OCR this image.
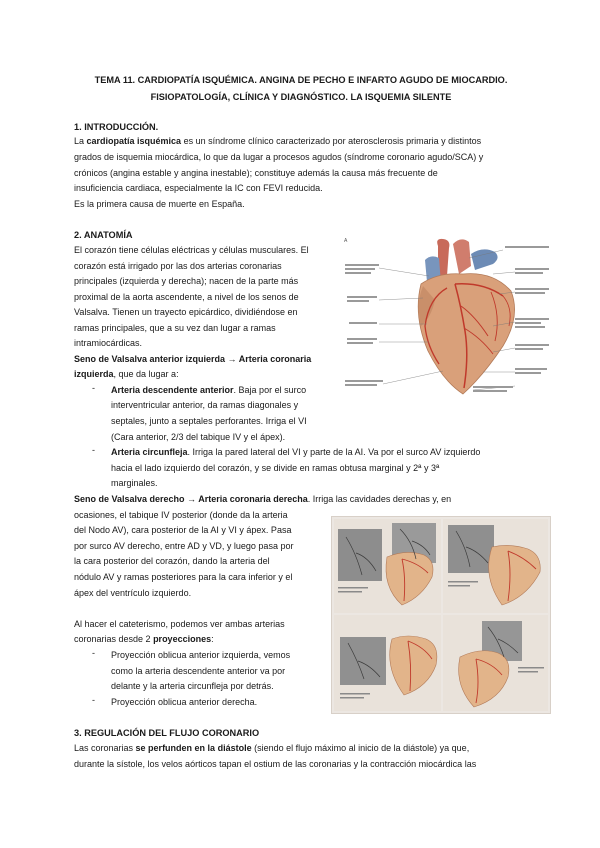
TEMA 11. CARDIOPATÍA ISQUÉMICA. ANGINA DE PECHO E INFARTO AGUDO DE MIOCARDIO.
FISIOPATOLOGÍA, CLÍNICA Y DIAGNÓSTICO. LA ISQUEMIA SILENTE
1. INTRODUCCIÓN.
La cardiopatía isquémica es un síndrome clínico caracterizado por aterosclerosis primaria y distintos
grados de isquemia miocárdica, lo que da lugar a procesos agudos (síndrome coronario agudo/SCA) y
crónicos (angina estable y angina inestable); constituye además la causa más frecuente de
insuficiencia cardiaca, especialmente la IC con FEVI reducida.
Es la primera causa de muerte en España.
2. ANATOMÍA
El corazón tiene células eléctricas y células musculares. El
corazón está irrigado por las dos arterias coronarias
principales (izquierda y derecha); nacen de la parte más
proximal de la aorta ascendente, a nivel de los senos de
Valsalva. Tienen un trayecto epicárdico, dividiéndose en
ramas principales, que a su vez dan lugar a ramas
intramiocárdicas.
Seno de Valsalva anterior izquierda → Arteria coronaria
izquierda, que da lugar a:
- Arteria descendente anterior. Baja por el surco
interventricular anterior, da ramas diagonales y
septales, junto a septales perforantes. Irriga el VI
(Cara anterior, 2/3 del tabique IV y el ápex).
- Arteria circunfleja. Irriga la pared lateral del VI y parte de la AI. Va por el surco AV izquierdo
hacia el lado izquierdo del corazón, y se divide en ramas obtusa marginal y 2ª y 3ª
marginales.
Seno de Valsalva derecho → Arteria coronaria derecha. Irriga las cavidades derechas y, en
ocasiones, el tabique IV posterior (donde da la arteria
del Nodo AV), cara posterior de la AI y VI y ápex. Pasa
por surco AV derecho, entre AD y VD, y luego pasa por
la cara posterior del corazón, dando la arteria del
nódulo AV y ramas posteriores para la cara inferior y el
ápex del ventrículo izquierdo.
Al hacer el cateterismo, podemos ver ambas arterias
coronarias desde 2 proyecciones:
- Proyección oblicua anterior izquierda, vemos
como la arteria descendente anterior va por
delante y la arteria circunfleja por detrás.
- Proyección oblicua anterior derecha.
3. REGULACIÓN DEL FLUJO CORONARIO
Las coronarias se perfunden en la diástole (siendo el flujo máximo al inicio de la diástole) ya que,
durante la sístole, los velos aórticos tapan el ostium de las coronarias y la contracción miocárdica las
A
